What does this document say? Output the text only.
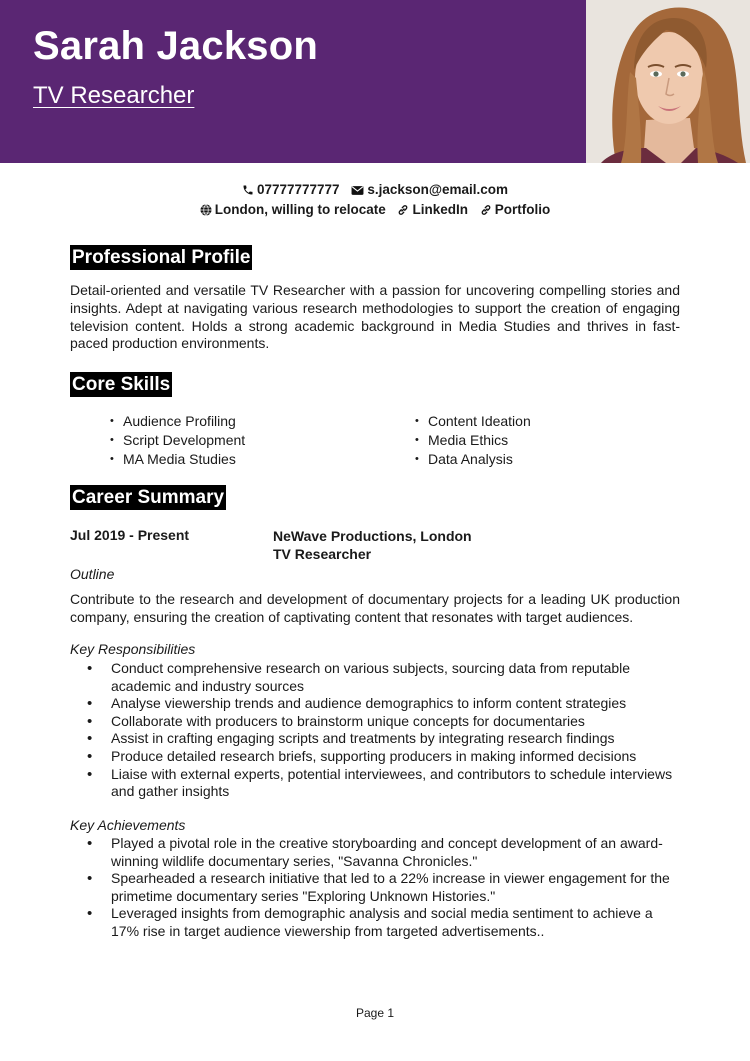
Sarah Jackson
TV Researcher
07777777777 s.jackson@email.com London, willing to relocate LinkedIn Portfolio
Professional Profile
Detail-oriented and versatile TV Researcher with a passion for uncovering compelling stories and insights. Adept at navigating various research methodologies to support the creation of engaging television content. Holds a strong academic background in Media Studies and thrives in fast-paced production environments.
Core Skills
• Audience Profiling
• Script Development
• MA Media Studies
• Content Ideation
• Media Ethics
• Data Analysis
Career Summary
Jul 2019 - Present	NeWave Productions, London
TV Researcher
Outline
Contribute to the research and development of documentary projects for a leading UK production company, ensuring the creation of captivating content that resonates with target audiences.
Key Responsibilities
• Conduct comprehensive research on various subjects, sourcing data from reputable academic and industry sources
• Analyse viewership trends and audience demographics to inform content strategies
• Collaborate with producers to brainstorm unique concepts for documentaries
• Assist in crafting engaging scripts and treatments by integrating research findings
• Produce detailed research briefs, supporting producers in making informed decisions
• Liaise with external experts, potential interviewees, and contributors to schedule interviews and gather insights
Key Achievements
• Played a pivotal role in the creative storyboarding and concept development of an award-winning wildlife documentary series, "Savanna Chronicles."
• Spearheaded a research initiative that led to a 22% increase in viewer engagement for the primetime documentary series "Exploring Unknown Histories."
• Leveraged insights from demographic analysis and social media sentiment to achieve a 17% rise in target audience viewership from targeted advertisements..
Page 1
